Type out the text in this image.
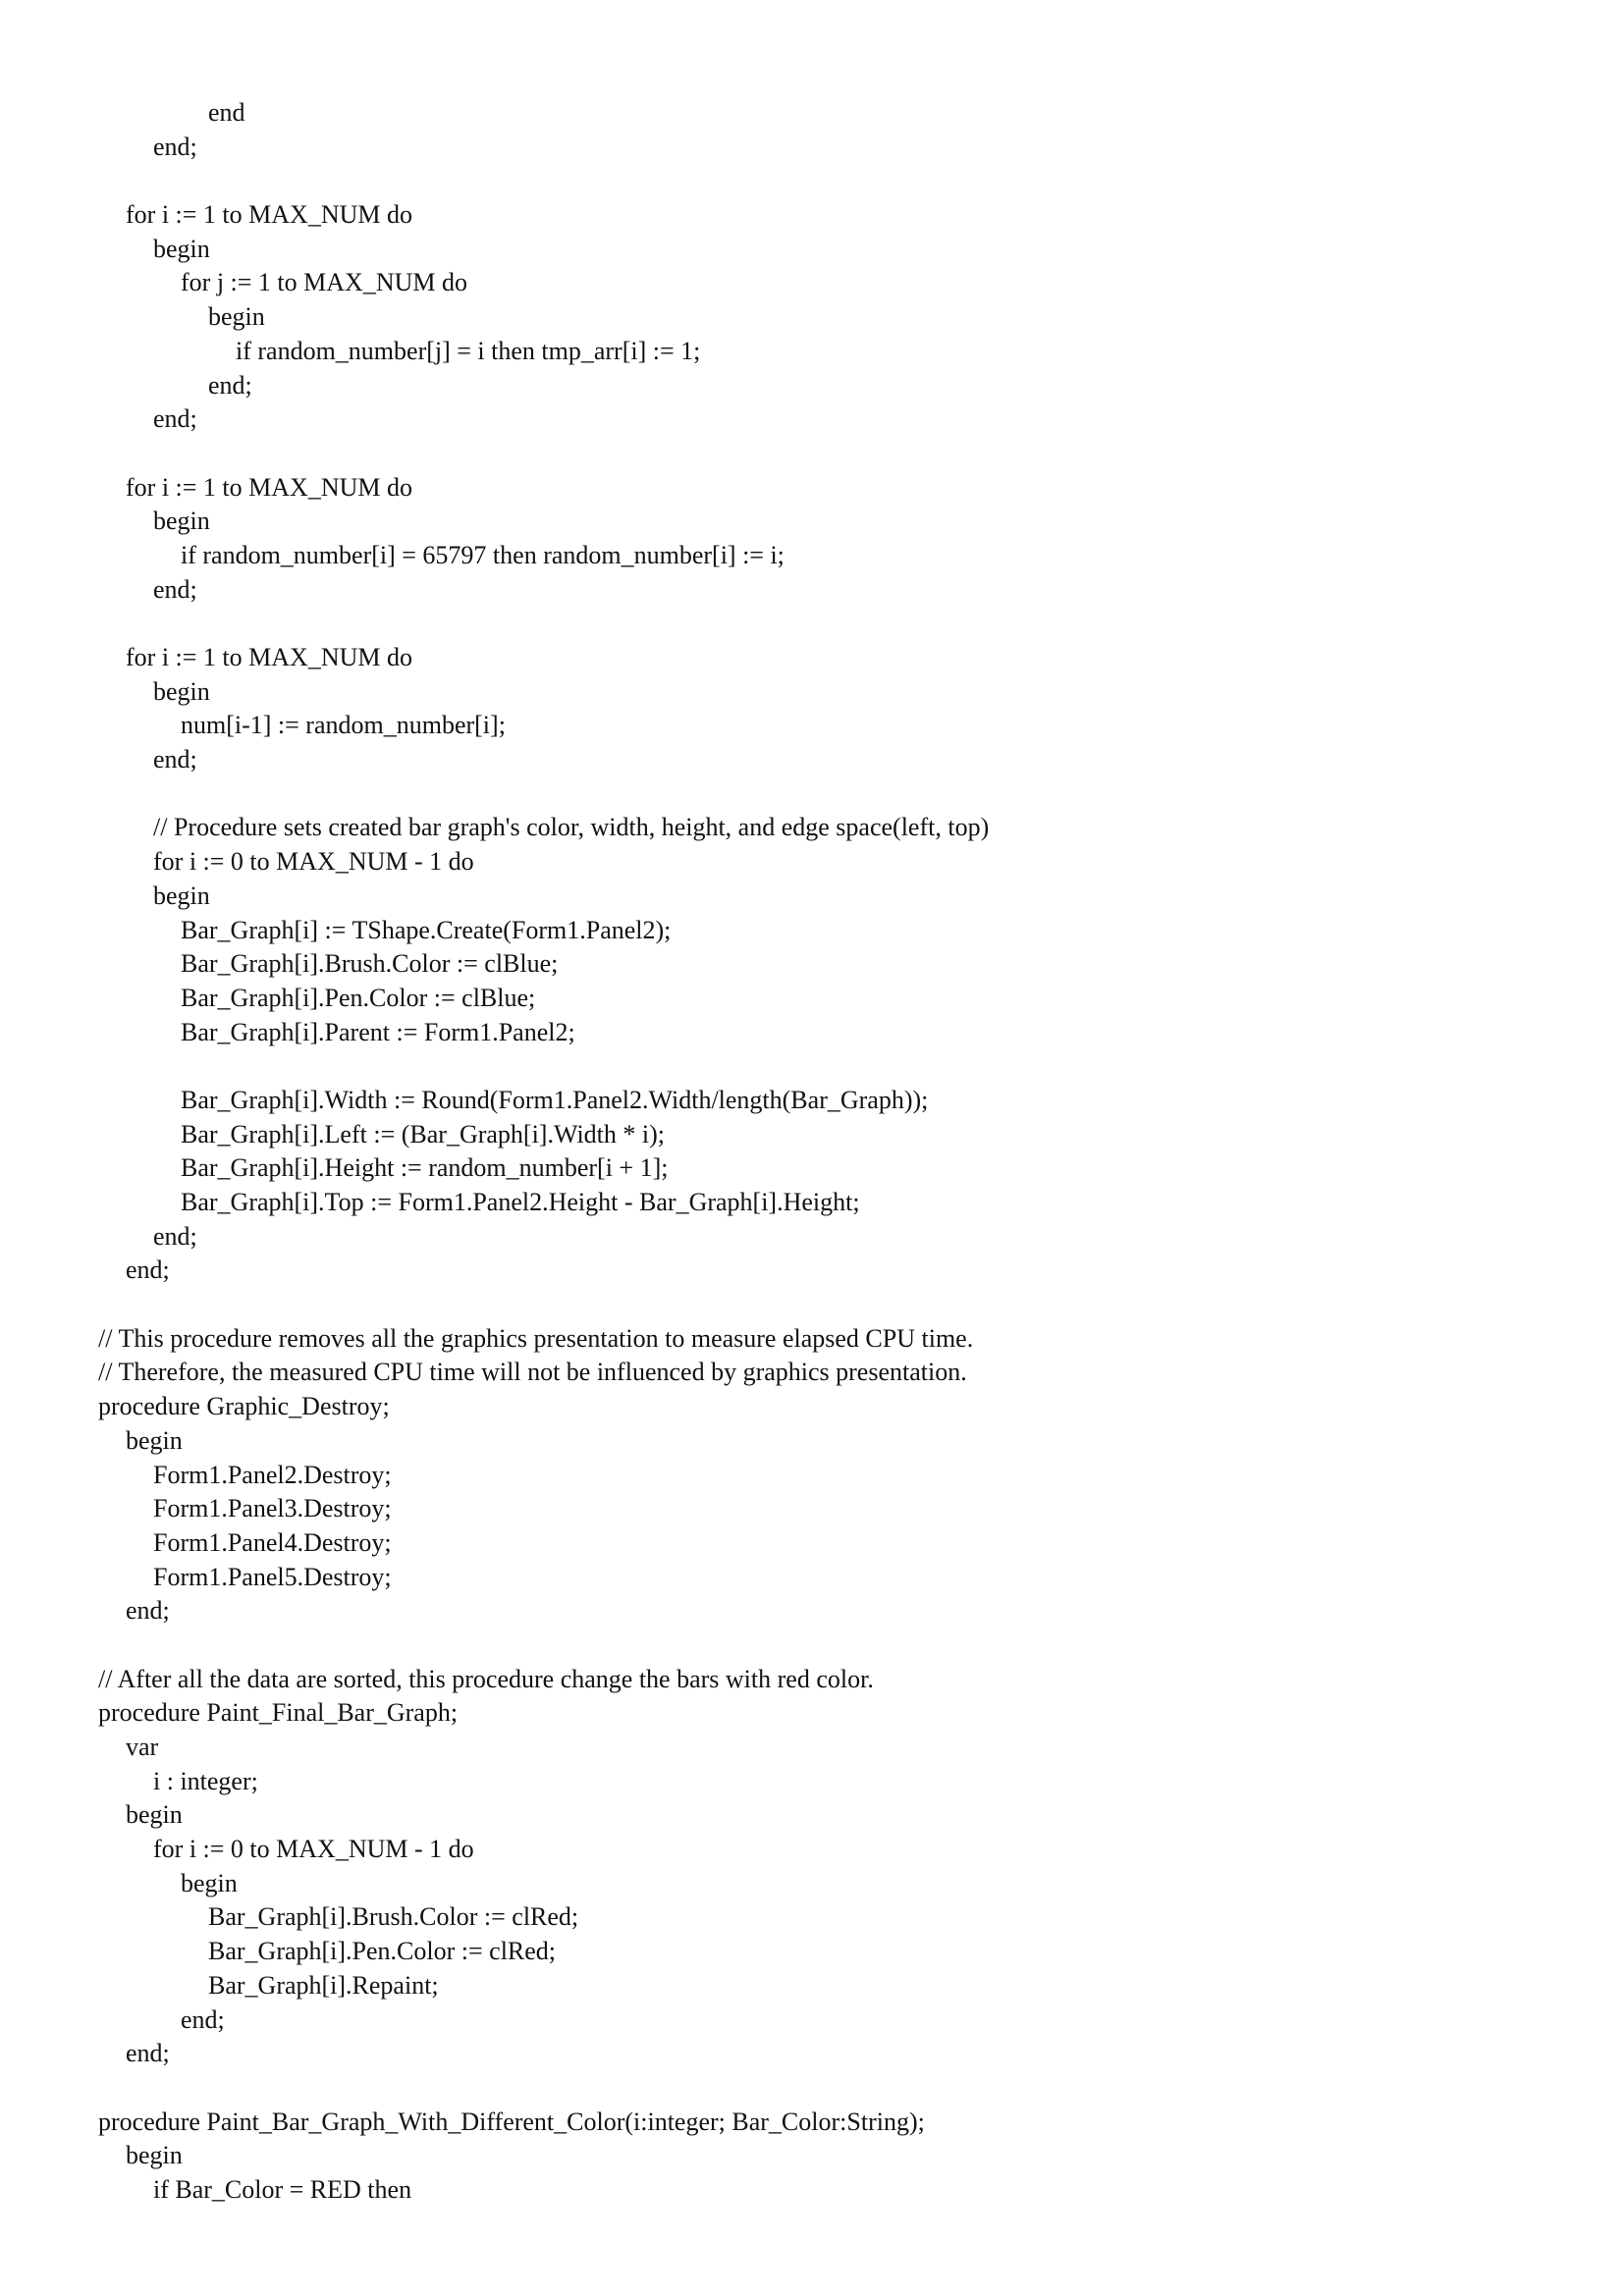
end
end;
for i := 1 to MAX_NUM do
begin
for j := 1 to MAX_NUM do
begin
if random_number[j] = i then tmp_arr[i] := 1;
end;
end;
for i := 1 to MAX_NUM do
begin
if random_number[i] = 65797 then random_number[i] := i;
end;
for i := 1 to MAX_NUM do
begin
num[i-1] := random_number[i];
end;
// Procedure sets created bar graph's color, width, height, and edge space(left, top)
for i := 0 to MAX_NUM - 1 do
begin
Bar_Graph[i] := TShape.Create(Form1.Panel2);
Bar_Graph[i].Brush.Color := clBlue;
Bar_Graph[i].Pen.Color := clBlue;
Bar_Graph[i].Parent := Form1.Panel2;
Bar_Graph[i].Width := Round(Form1.Panel2.Width/length(Bar_Graph));
Bar_Graph[i].Left := (Bar_Graph[i].Width * i);
Bar_Graph[i].Height := random_number[i + 1];
Bar_Graph[i].Top := Form1.Panel2.Height - Bar_Graph[i].Height;
end;
end;
// This procedure removes all the graphics presentation to measure elapsed CPU time.
// Therefore, the measured CPU time will not be influenced by graphics presentation.
procedure Graphic_Destroy;
begin
Form1.Panel2.Destroy;
Form1.Panel3.Destroy;
Form1.Panel4.Destroy;
Form1.Panel5.Destroy;
end;
// After all the data are sorted, this procedure change the bars with red color.
procedure Paint_Final_Bar_Graph;
var
i : integer;
begin
for i := 0 to MAX_NUM - 1 do
begin
Bar_Graph[i].Brush.Color := clRed;
Bar_Graph[i].Pen.Color := clRed;
Bar_Graph[i].Repaint;
end;
end;
procedure Paint_Bar_Graph_With_Different_Color(i:integer; Bar_Color:String);
begin
if Bar_Color = RED then
